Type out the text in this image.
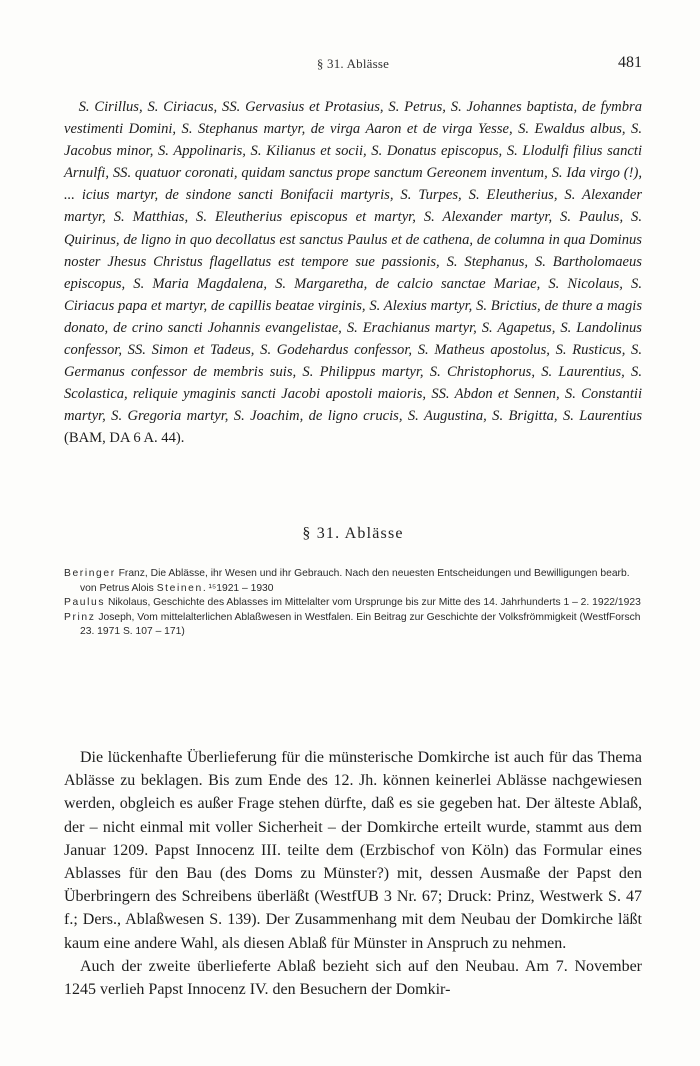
§ 31. Ablässe	481

S. Cirillus, S. Ciriacus, SS. Gervasius et Protasius, S. Petrus, S. Johannes baptista, de fymbra vestimenti Domini, S. Stephanus martyr, de virga Aaron et de virga Yesse, S. Ewaldus albus, S. Jacobus minor, S. Appolinaris, S. Kilianus et socii, S. Donatus episcopus, S. Llodulfi filius sancti Arnulfi, SS. quatuor coronati, quidam sanctus prope sanctum Gereonem inventum, S. Ida virgo (!), ... icius martyr, de sindone sancti Bonifacii martyris, S. Turpes, S. Eleutherius, S. Alexander martyr, S. Matthias, S. Eleutherius episcopus et martyr, S. Alexander martyr, S. Paulus, S. Quirinus, de ligno in quo decollatus est sanctus Paulus et de cathena, de columna in qua Dominus noster Jhesus Christus flagellatus est tempore sue passionis, S. Stephanus, S. Bartholomaeus episcopus, S. Maria Magdalena, S. Margaretha, de calcio sanctae Mariae, S. Nicolaus, S. Ciriacus papa et martyr, de capillis beatae virginis, S. Alexius martyr, S. Brictius, de thure a magis donato, de crino sancti Johannis evangelistae, S. Erachianus martyr, S. Agapetus, S. Landolinus confessor, SS. Simon et Tadeus, S. Godehardus confessor, S. Matheus apostolus, S. Rusticus, S. Germanus confessor de membris suis, S. Philippus martyr, S. Christophorus, S. Laurentius, S. Scolastica, reliquie ymaginis sancti Jacobi apostoli maioris, SS. Abdon et Sennen, S. Constantii martyr, S. Gregoria martyr, S. Joachim, de ligno crucis, S. Augustina, S. Brigitta, S. Laurentius (BAM, DA 6 A. 44).

§ 31. Ablässe
Beringer Franz, Die Ablässe, ihr Wesen und ihr Gebrauch. Nach den neuesten Entscheidungen und Bewilligungen bearb. von Petrus Alois Steinen. ¹⁵1921 – 1930
Paulus Nikolaus, Geschichte des Ablasses im Mittelalter vom Ursprunge bis zur Mitte des 14. Jahrhunderts 1 – 2. 1922/1923
Prinz Joseph, Vom mittelalterlichen Ablaßwesen in Westfalen. Ein Beitrag zur Geschichte der Volksfrömmigkeit (WestfForsch 23. 1971 S. 107 – 171)

Die lückenhafte Überlieferung für die münsterische Domkirche ist auch für das Thema Ablässe zu beklagen. Bis zum Ende des 12. Jh. können keinerlei Ablässe nachgewiesen werden, obgleich es außer Frage stehen dürfte, daß es sie gegeben hat. Der älteste Ablaß, der – nicht einmal mit voller Sicherheit – der Domkirche erteilt wurde, stammt aus dem Januar 1209. Papst Innocenz III. teilte dem (Erzbischof von Köln) das Formular eines Ablasses für den Bau (des Doms zu Münster?) mit, dessen Ausmaße der Papst den Überbringern des Schreibens überläßt (WestfUB 3 Nr. 67; Druck: Prinz, Westwerk S. 47 f.; Ders., Ablaßwesen S. 139). Der Zusammenhang mit dem Neubau der Domkirche läßt kaum eine andere Wahl, als diesen Ablaß für Münster in Anspruch zu nehmen.

Auch der zweite überlieferte Ablaß bezieht sich auf den Neubau. Am 7. November 1245 verlieh Papst Innocenz IV. den Besuchern der Domkir-
